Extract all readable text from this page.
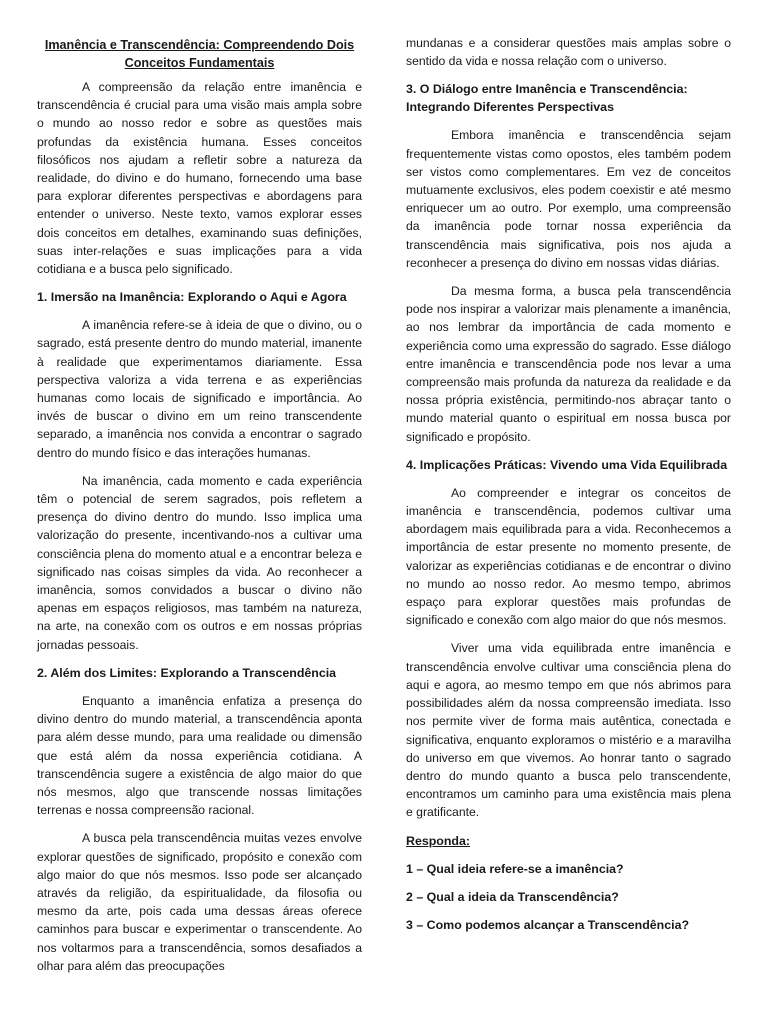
Imanência e Transcendência: Compreendendo Dois Conceitos Fundamentais

A compreensão da relação entre imanência e transcendência é crucial para uma visão mais ampla sobre o mundo ao nosso redor e sobre as questões mais profundas da existência humana. Esses conceitos filosóficos nos ajudam a refletir sobre a natureza da realidade, do divino e do humano, fornecendo uma base para explorar diferentes perspectivas e abordagens para entender o universo. Neste texto, vamos explorar esses dois conceitos em detalhes, examinando suas definições, suas inter-relações e suas implicações para a vida cotidiana e a busca pelo significado.

1. Imersão na Imanência: Explorando o Aqui e Agora

A imanência refere-se à ideia de que o divino, ou o sagrado, está presente dentro do mundo material, imanente à realidade que experimentamos diariamente. Essa perspectiva valoriza a vida terrena e as experiências humanas como locais de significado e importância. Ao invés de buscar o divino em um reino transcendente separado, a imanência nos convida a encontrar o sagrado dentro do mundo físico e das interações humanas.

Na imanência, cada momento e cada experiência têm o potencial de serem sagrados, pois refletem a presença do divino dentro do mundo. Isso implica uma valorização do presente, incentivando-nos a cultivar uma consciência plena do momento atual e a encontrar beleza e significado nas coisas simples da vida. Ao reconhecer a imanência, somos convidados a buscar o divino não apenas em espaços religiosos, mas também na natureza, na arte, na conexão com os outros e em nossas próprias jornadas pessoais.

2. Além dos Limites: Explorando a Transcendência

Enquanto a imanência enfatiza a presença do divino dentro do mundo material, a transcendência aponta para além desse mundo, para uma realidade ou dimensão que está além da nossa experiência cotidiana. A transcendência sugere a existência de algo maior do que nós mesmos, algo que transcende nossas limitações terrenas e nossa compreensão racional.

A busca pela transcendência muitas vezes envolve explorar questões de significado, propósito e conexão com algo maior do que nós mesmos. Isso pode ser alcançado através da religião, da espiritualidade, da filosofia ou mesmo da arte, pois cada uma dessas áreas oferece caminhos para buscar e experimentar o transcendente. Ao nos voltarmos para a transcendência, somos desafiados a olhar para além das preocupações

mundanas e a considerar questões mais amplas sobre o sentido da vida e nossa relação com o universo.

3. O Diálogo entre Imanência e Transcendência: Integrando Diferentes Perspectivas

Embora imanência e transcendência sejam frequentemente vistas como opostos, eles também podem ser vistos como complementares. Em vez de conceitos mutuamente exclusivos, eles podem coexistir e até mesmo enriquecer um ao outro. Por exemplo, uma compreensão da imanência pode tornar nossa experiência da transcendência mais significativa, pois nos ajuda a reconhecer a presença do divino em nossas vidas diárias.

Da mesma forma, a busca pela transcendência pode nos inspirar a valorizar mais plenamente a imanência, ao nos lembrar da importância de cada momento e experiência como uma expressão do sagrado. Esse diálogo entre imanência e transcendência pode nos levar a uma compreensão mais profunda da natureza da realidade e da nossa própria existência, permitindo-nos abraçar tanto o mundo material quanto o espiritual em nossa busca por significado e propósito.

4. Implicações Práticas: Vivendo uma Vida Equilibrada

Ao compreender e integrar os conceitos de imanência e transcendência, podemos cultivar uma abordagem mais equilibrada para a vida. Reconhecemos a importância de estar presente no momento presente, de valorizar as experiências cotidianas e de encontrar o divino no mundo ao nosso redor. Ao mesmo tempo, abrimos espaço para explorar questões mais profundas de significado e conexão com algo maior do que nós mesmos.

Viver uma vida equilibrada entre imanência e transcendência envolve cultivar uma consciência plena do aqui e agora, ao mesmo tempo em que nós abrimos para possibilidades além da nossa compreensão imediata. Isso nos permite viver de forma mais autêntica, conectada e significativa, enquanto exploramos o mistério e a maravilha do universo em que vivemos. Ao honrar tanto o sagrado dentro do mundo quanto a busca pelo transcendente, encontramos um caminho para uma existência mais plena e gratificante.

Responda:
1 – Qual ideia refere-se a imanência?
2 – Qual a ideia da Transcendência?
3 – Como podemos alcançar a Transcendência?
